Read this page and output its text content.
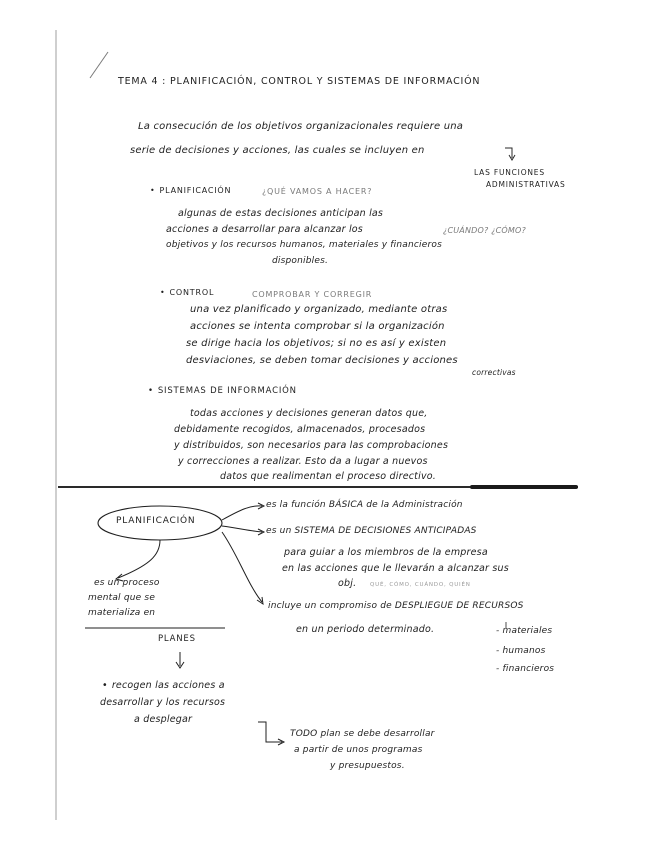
TEMA 4 : PLANIFICACIÓN, CONTROL Y SISTEMAS DE INFORMACIÓN
La consecución de los objetivos organizacionales requiere una
serie de decisiones y acciones, las cuales se incluyen en
LAS FUNCIONES
ADMINISTRATIVAS
• PLANIFICACIÓN	¿QUÉ VAMOS A HACER?
¿CUÁNDO? ¿CÓMO?
algunas de estas decisiones anticipan las
acciones a desarrollar para alcanzar los
objetivos y los recursos humanos, materiales y financieros
disponibles.
• CONTROL	COMPROBAR Y CORREGIR
una vez planificado y organizado, mediante otras
acciones se intenta comprobar si la organización
se dirige hacia los objetivos; si no es así y existen
desviaciones, se deben tomar decisiones y acciones
correctivas
• SISTEMAS DE INFORMACIÓN
todas acciones y decisiones generan datos que,
debidamente recogidos, almacenados, procesados
y distribuidos, son necesarios para las comprobaciones
y correcciones a realizar. Esto da a lugar a nuevos
datos que realimentan el proceso directivo.
PLANIFICACIÓN
es la función BÁSICA de la Administración
es un SISTEMA DE DECISIONES ANTICIPADAS
para guiar a los miembros de la empresa
en las acciones que le llevarán a alcanzar sus
obj. QUÉ, CÓMO, CUÁNDO, QUIÉN
es un proceso
mental que se
materializa en
PLANES
• recogen las acciones a
desarrollar y los recursos
a desplegar
TODO plan se debe desarrollar
a partir de unos programas
y presupuestos.
incluye un compromiso de DESPLIEGUE DE RECURSOS
en un periodo determinado.	- materiales
- humanos
- financieros
